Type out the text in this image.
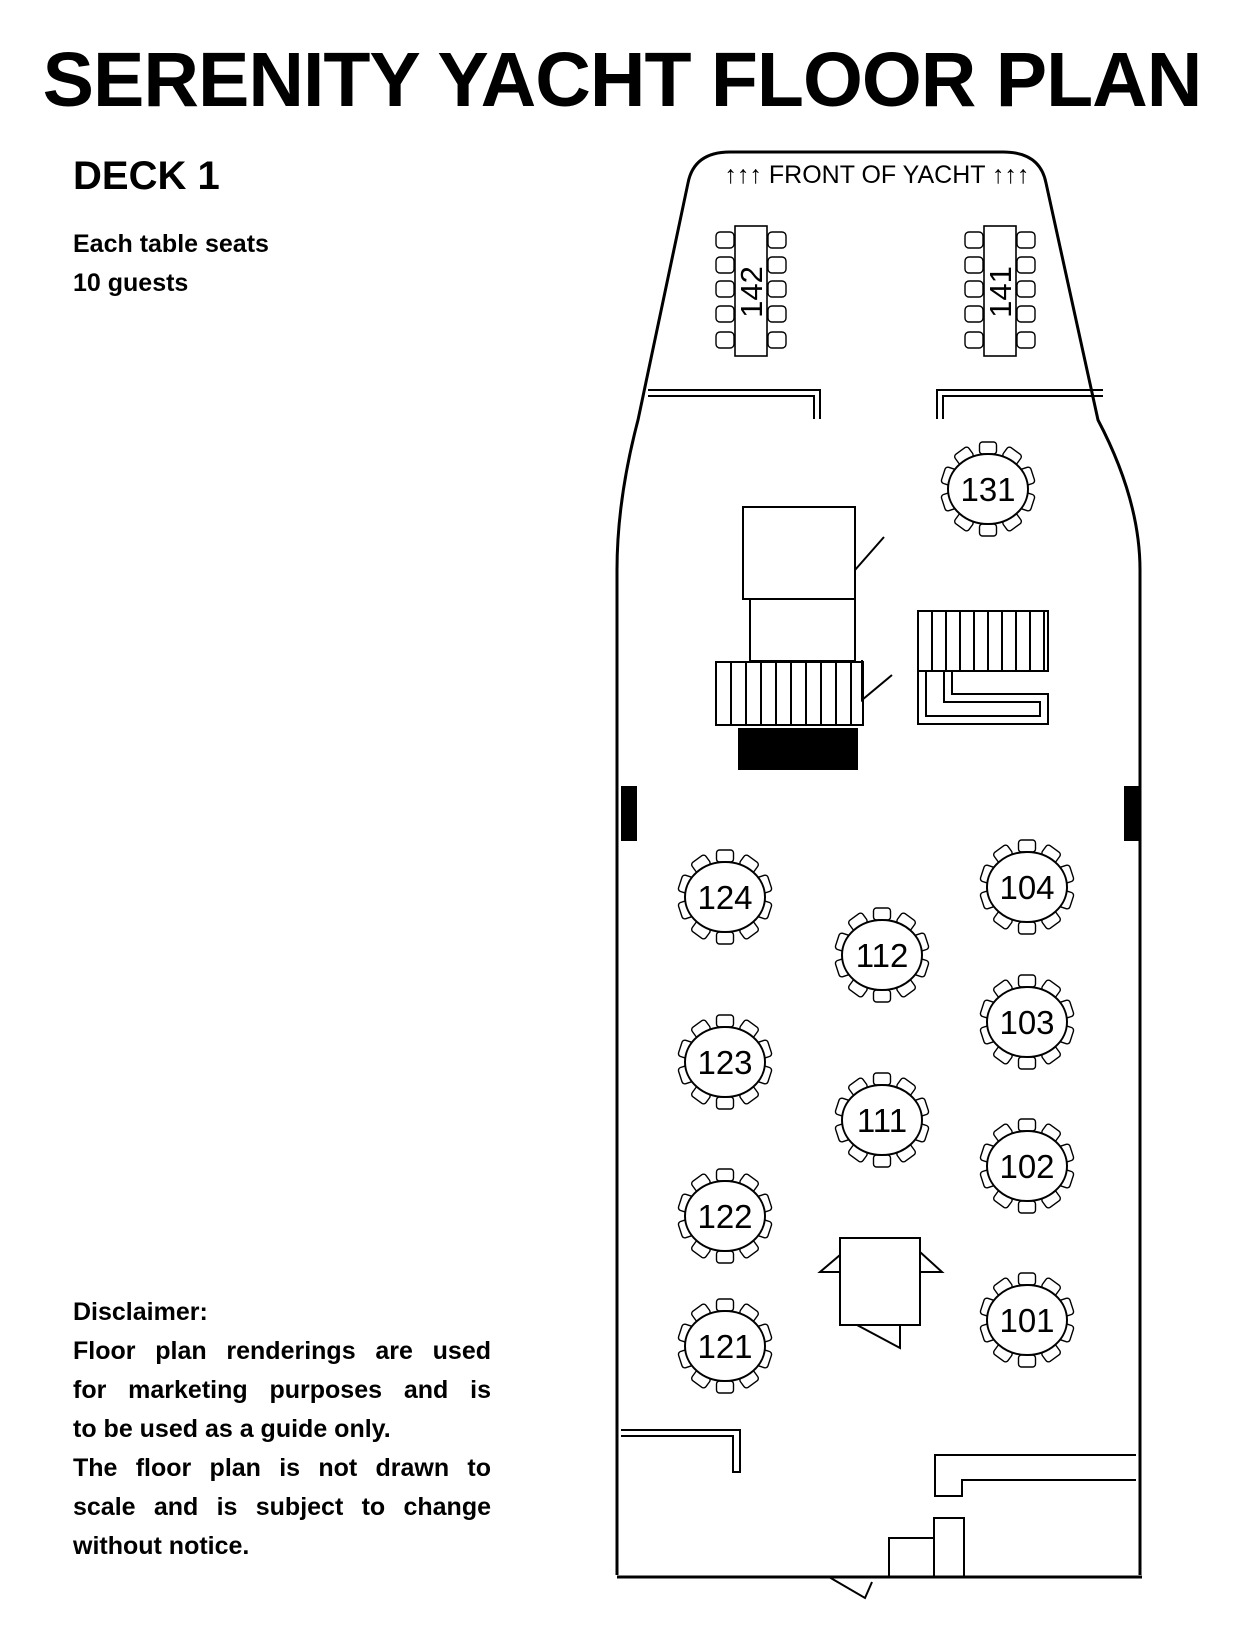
SERENITY YACHT FLOOR PLAN
DECK 1
Each table seats
10 guests
Disclaimer:
Floor plan renderings are used
for marketing purposes and is
to be used as a guide only.
The floor plan is not drawn to
scale and is subject to change
without notice.
↑↑↑ FRONT OF YACHT ↑↑↑
131
124	104
112
103
123
111
102
122
101
121
142	141
